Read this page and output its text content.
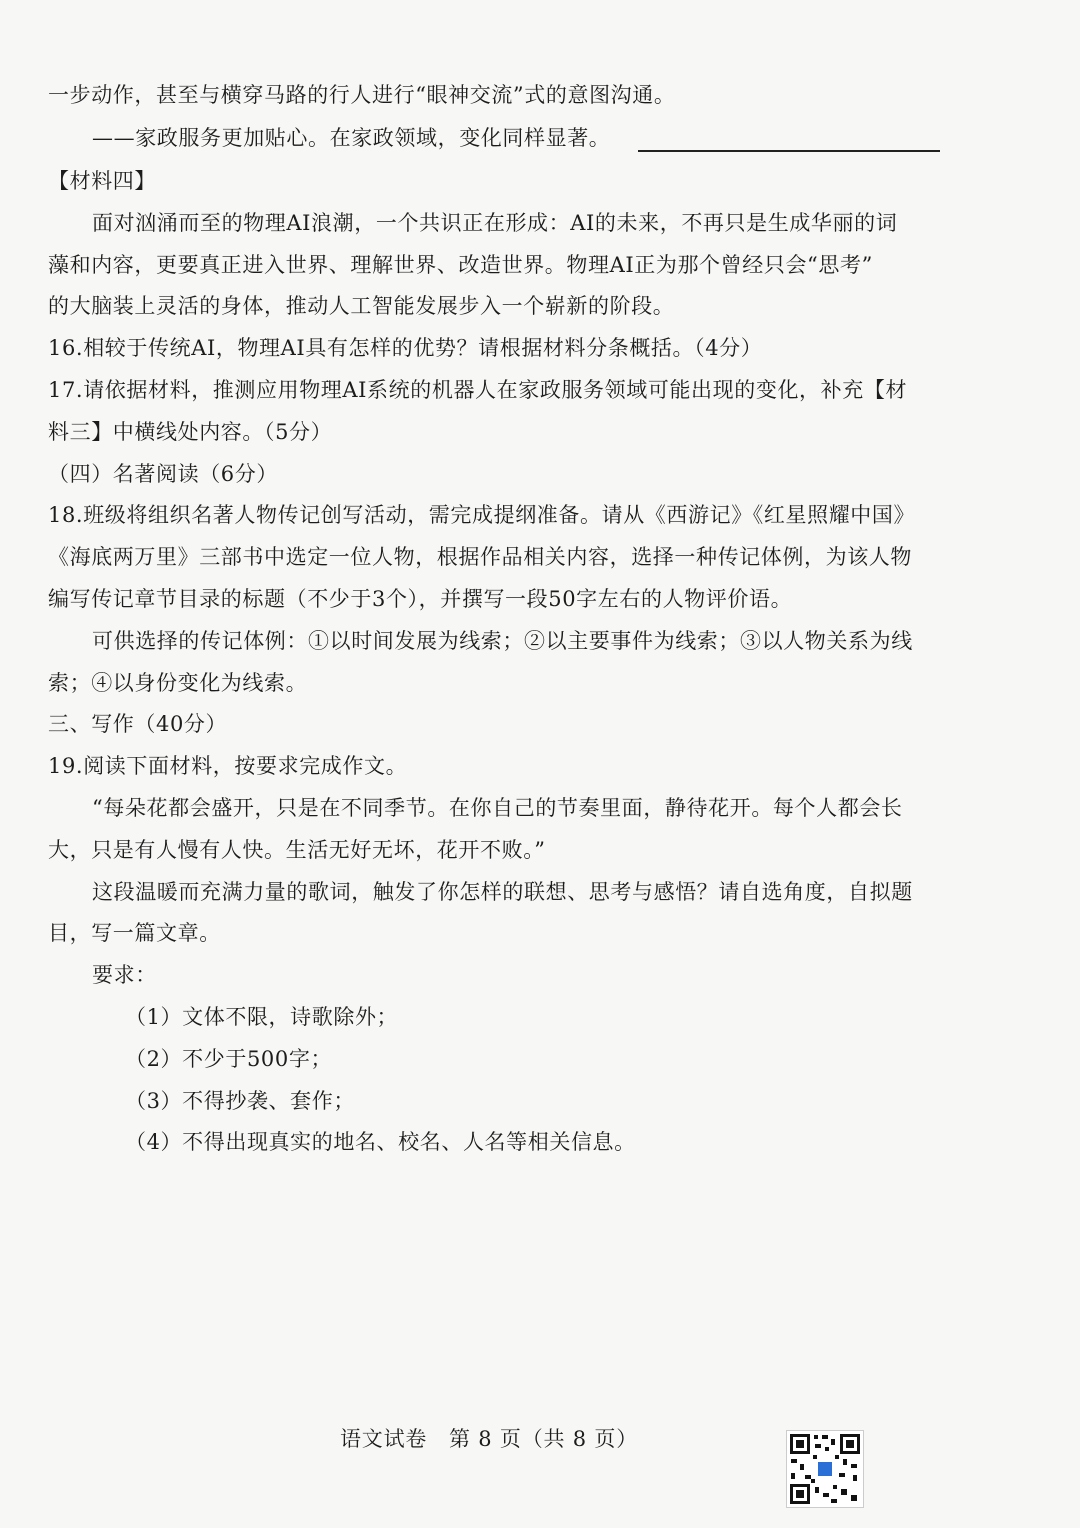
一步动作，甚至与横穿马路的行人进行“眼神交流”式的意图沟通。
——家政服务更加贴心。在家政领域，变化同样显著。
【材料四】
面对汹涌而至的物理AI浪潮，一个共识正在形成：AI的未来，不再只是生成华丽的词
藻和内容，更要真正进入世界、理解世界、改造世界。物理AI正为那个曾经只会“思考”
的大脑装上灵活的身体，推动人工智能发展步入一个崭新的阶段。
16.相较于传统AI，物理AI具有怎样的优势？请根据材料分条概括。（4分）
17.请依据材料，推测应用物理AI系统的机器人在家政服务领域可能出现的变化，补充【材
料三】中横线处内容。（5分）
（四）名著阅读（6分）
18.班级将组织名著人物传记创写活动，需完成提纲准备。请从《西游记》《红星照耀中国》
《海底两万里》三部书中选定一位人物，根据作品相关内容，选择一种传记体例，为该人物
编写传记章节目录的标题（不少于3个），并撰写一段50字左右的人物评价语。
可供选择的传记体例：①以时间发展为线索；②以主要事件为线索；③以人物关系为线
索；④以身份变化为线索。
三、写作（40分）
19.阅读下面材料，按要求完成作文。
“每朵花都会盛开，只是在不同季节。在你自己的节奏里面，静待花开。每个人都会长
大，只是有人慢有人快。生活无好无坏，花开不败。”
这段温暖而充满力量的歌词，触发了你怎样的联想、思考与感悟？请自选角度，自拟题
目，写一篇文章。
要求：
（1）文体不限，诗歌除外；
（2）不少于500字；
（3）不得抄袭、套作；
（4）不得出现真实的地名、校名、人名等相关信息。
语文试卷　第 8 页（共 8 页）
